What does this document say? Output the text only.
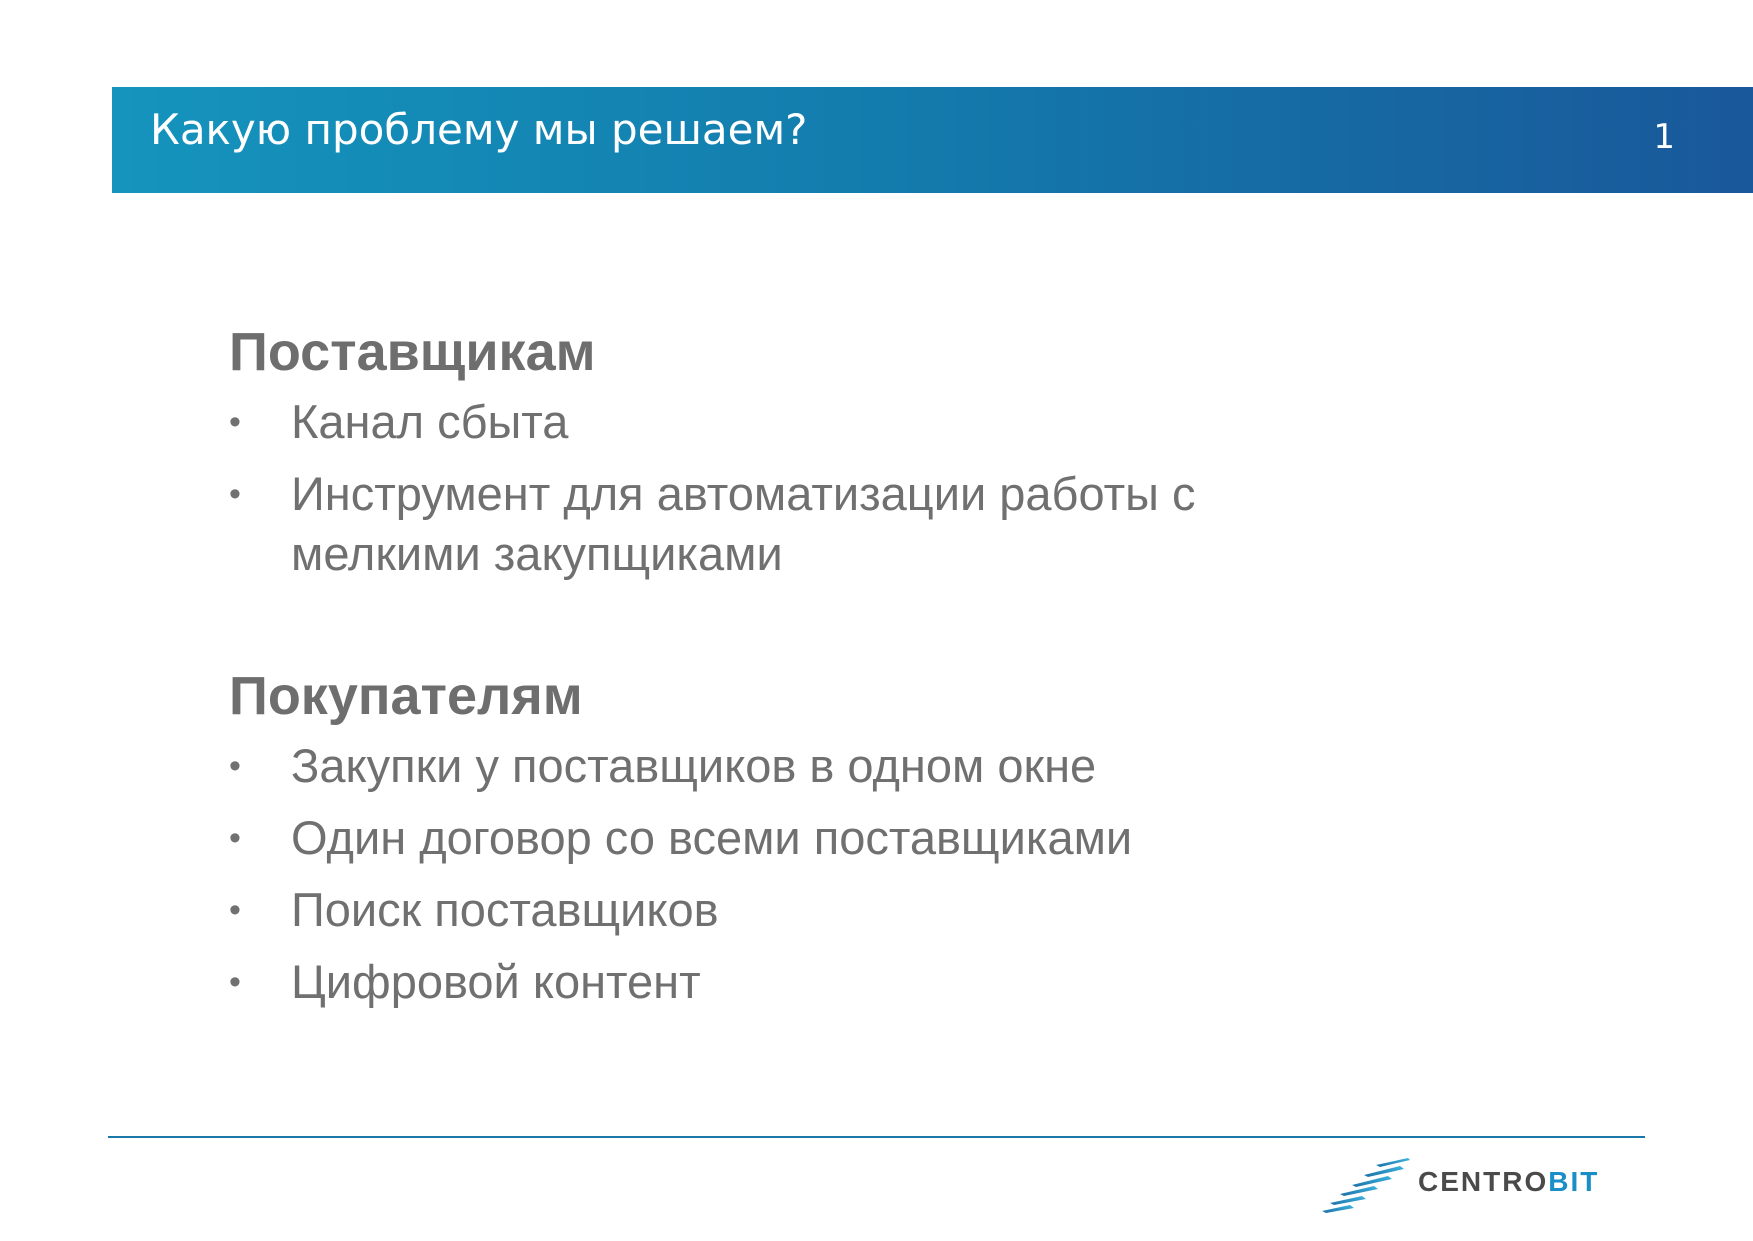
Какую проблему мы решаем?	1
Поставщикам
• Канал сбыта
• Инструмент для автоматизации работы с мелкими закупщиками
Покупателям
• Закупки у поставщиков в одном окне
• Один договор со всеми поставщиками
• Поиск поставщиков
• Цифровой контент
CENTROBIT
